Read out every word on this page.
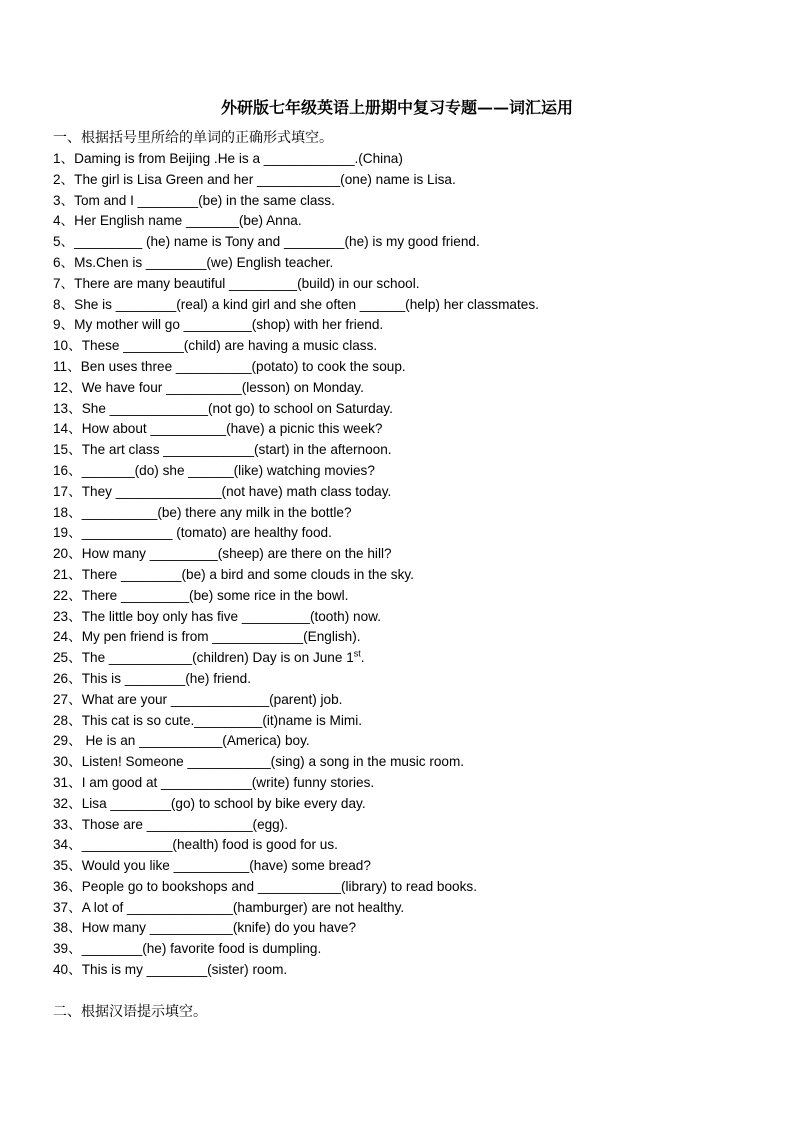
外研版七年级英语上册期中复习专题——词汇运用
一、根据括号里所给的单词的正确形式填空。
1、Daming is from Beijing .He is a ____________.(China)
2、The girl is Lisa Green and her ___________(one) name is Lisa.
3、Tom and I ________(be) in the same class.
4、Her English name _______(be) Anna.
5、_________ (he) name is Tony and ________(he) is my good friend.
6、Ms.Chen is ________(we) English teacher.
7、There are many beautiful _________(build) in our school.
8、She is ________(real) a kind girl and she often ______(help) her classmates.
9、My mother will go _________(shop) with her friend.
10、These ________(child) are having a music class.
11、Ben uses three __________(potato) to cook the soup.
12、We have four __________(lesson) on Monday.
13、She _____________(not go) to school on Saturday.
14、How about __________(have) a picnic this week?
15、The art class ____________(start) in the afternoon.
16、_______(do) she ______(like) watching movies?
17、They ______________(not have) math class today.
18、__________(be) there any milk in the bottle?
19、____________ (tomato) are healthy food.
20、How many _________(sheep) are there on the hill?
21、There ________(be) a bird and some clouds in the sky.
22、There _________(be) some rice in the bowl.
23、The little boy only has five _________(tooth) now.
24、My pen friend is from ____________(English).
25、The ___________(children) Day is on June 1st.
26、This is ________(he) friend.
27、What are your _____________(parent) job.
28、This cat is so cute._________(it)name is Mimi.
29、 He is an ___________(America) boy.
30、Listen! Someone ___________(sing) a song in the music room.
31、I am good at ____________(write) funny stories.
32、Lisa ________(go) to school by bike every day.
33、Those are ______________(egg).
34、____________(health) food is good for us.
35、Would you like __________(have) some bread?
36、People go to bookshops and ___________(library) to read books.
37、A lot of ______________(hamburger) are not healthy.
38、How many ___________(knife) do you have?
39、________(he) favorite food is dumpling.
40、This is my ________(sister) room.
二、根据汉语提示填空。
